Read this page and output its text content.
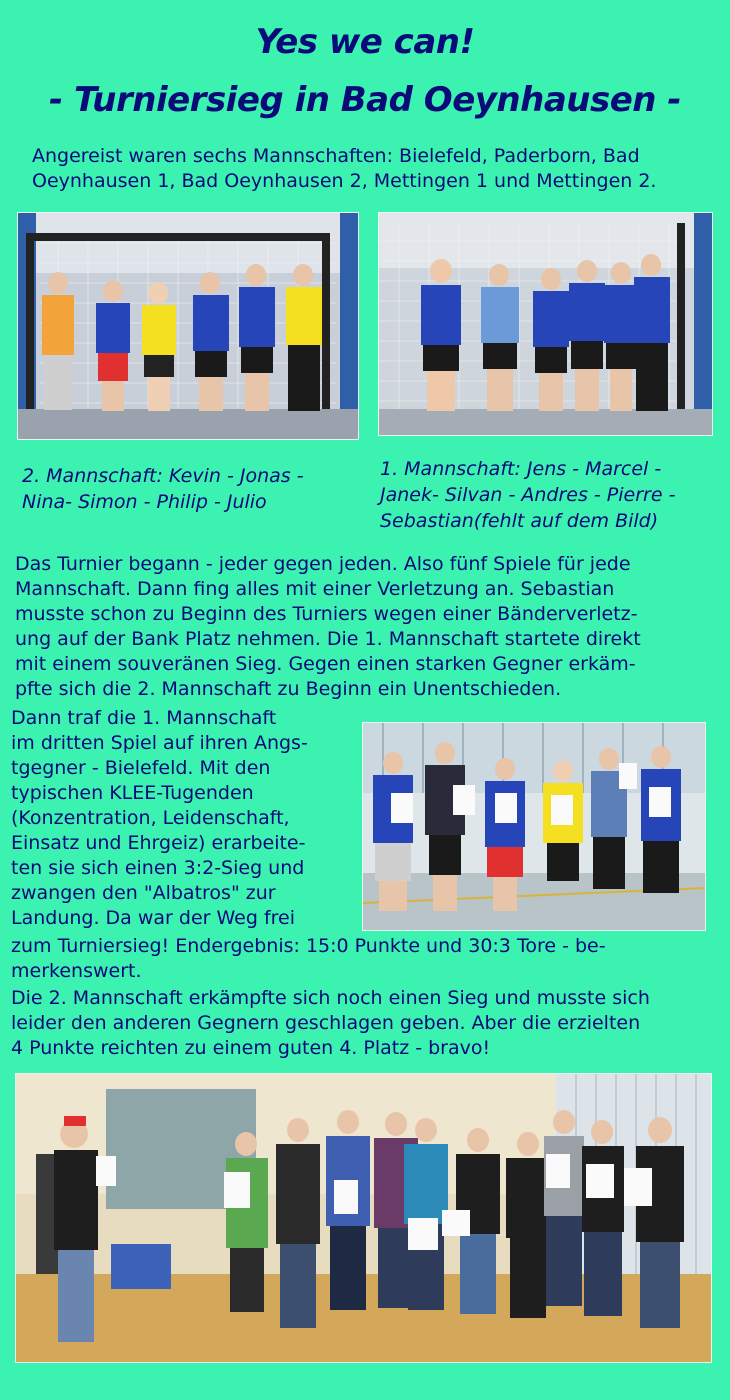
Yes we can!
- Turniersieg in Bad Oeynhausen -

Angereist waren sechs Mannschaften: Bielefeld, Paderborn, Bad

Oeynhausen 1, Bad Oeynhausen 2, Mettingen 1 und Mettingen 2.

2. Mannschaft: Kevin - Jonas -

Nina- Simon - Philip - Julio

1. Mannschaft: Jens - Marcel -

Janek- Silvan - Andres - Pierre -

Sebastian(fehlt auf dem Bild)

Das Turnier begann - jeder gegen jeden. Also fünf Spiele für jede

Mannschaft. Dann fing alles mit einer Verletzung an. Sebastian

musste schon zu Beginn des Turniers wegen einer Bänderverletz-

ung auf der Bank Platz nehmen. Die 1. Mannschaft startete direkt

mit einem souveränen Sieg. Gegen einen starken Gegner erkäm-

pfte sich die 2. Mannschaft zu Beginn ein Unentschieden.

Dann traf die 1. Mannschaft

im dritten Spiel auf ihren Angs-

tgegner - Bielefeld. Mit den

typischen KLEE-Tugenden

(Konzentration, Leidenschaft,

Einsatz und Ehrgeiz) erarbeite-

ten sie sich einen 3:2-Sieg und

zwangen den "Albatros" zur

Landung. Da war der Weg frei

zum Turniersieg! Endergebnis: 15:0 Punkte und 30:3 Tore - be-

merkenswert.

Die 2. Mannschaft erkämpfte sich noch einen Sieg und musste sich

leider den anderen Gegnern geschlagen geben. Aber die erzielten

4 Punkte reichten zu einem guten 4. Platz - bravo!
